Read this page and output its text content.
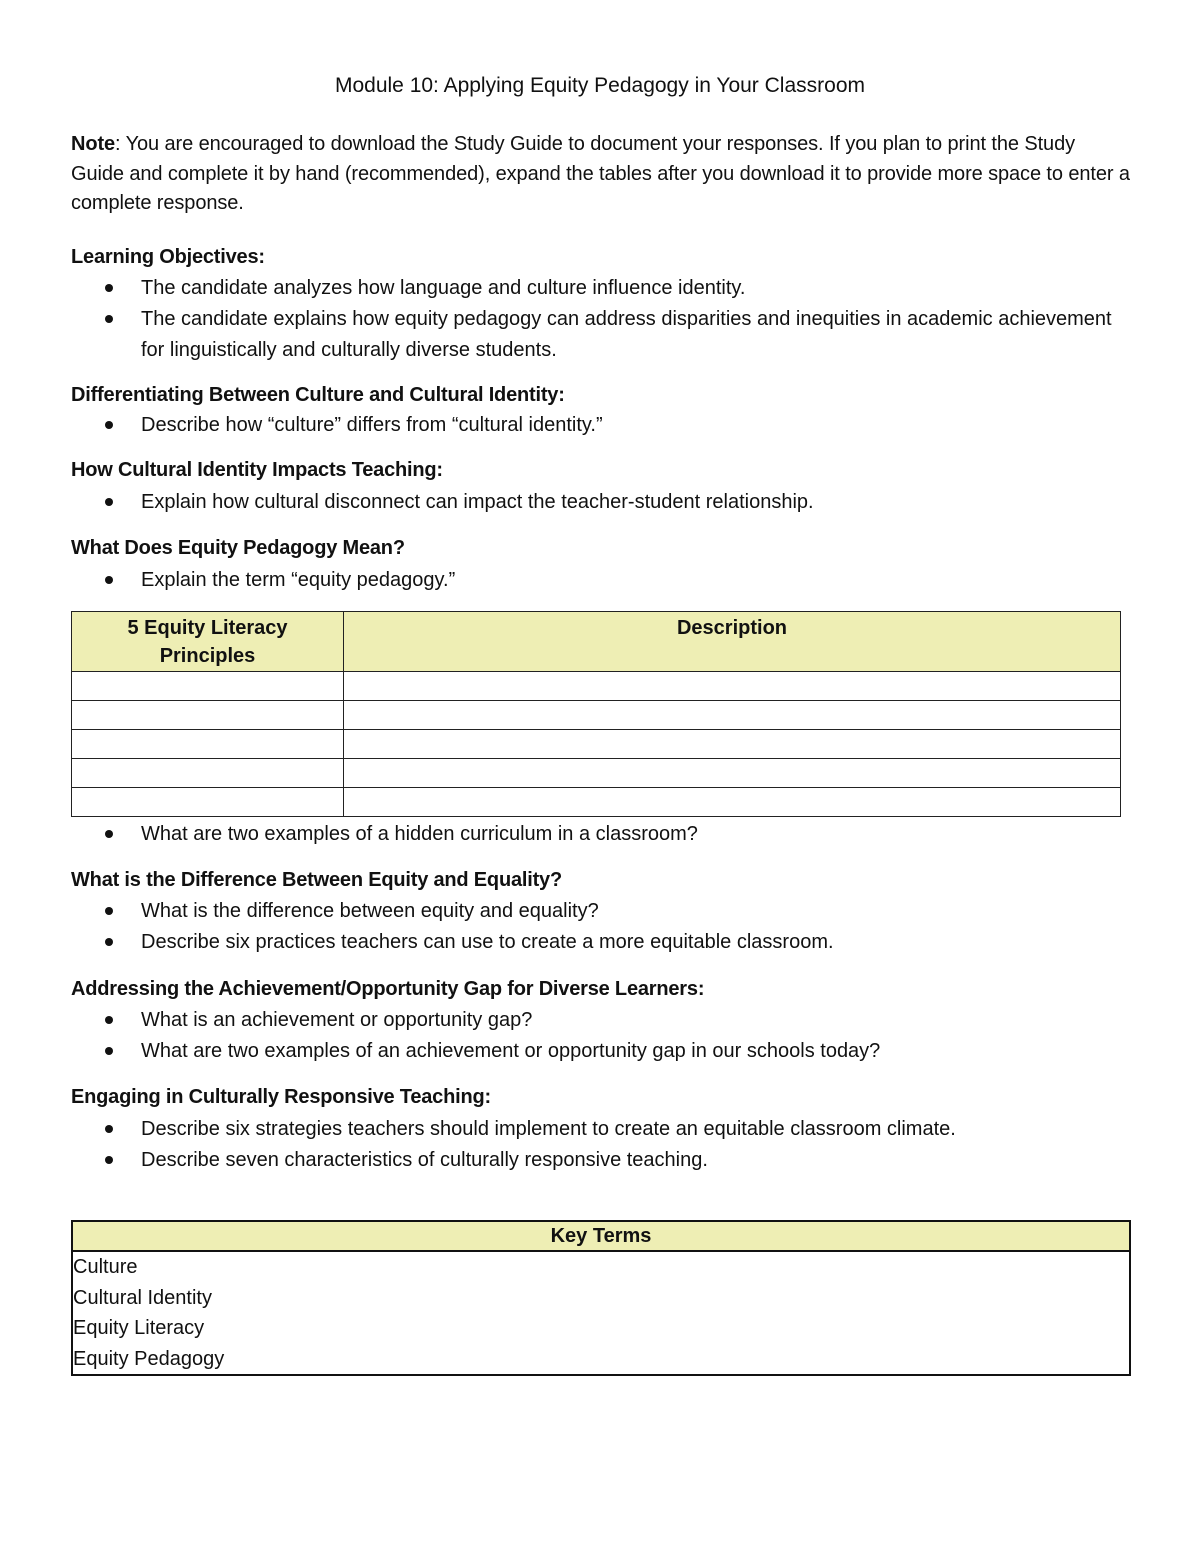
Module 10: Applying Equity Pedagogy in Your Classroom
Note: You are encouraged to download the Study Guide to document your responses. If you plan to print the Study Guide and complete it by hand (recommended), expand the tables after you download it to provide more space to enter a complete response.
Learning Objectives:
The candidate analyzes how language and culture influence identity.
The candidate explains how equity pedagogy can address disparities and inequities in academic achievement for linguistically and culturally diverse students.
Differentiating Between Culture and Cultural Identity:
Describe how “culture” differs from “cultural identity.”
How Cultural Identity Impacts Teaching:
Explain how cultural disconnect can impact the teacher-student relationship.
What Does Equity Pedagogy Mean?
Explain the term “equity pedagogy.”
5 Equity Literacy
Principles	Description

What are two examples of a hidden curriculum in a classroom?
What is the Difference Between Equity and Equality?
What is the difference between equity and equality?
Describe six practices teachers can use to create a more equitable classroom.
Addressing the Achievement/Opportunity Gap for Diverse Learners:
What is an achievement or opportunity gap?
What are two examples of an achievement or opportunity gap in our schools today?
Engaging in Culturally Responsive Teaching:
Describe six strategies teachers should implement to create an equitable classroom climate.
Describe seven characteristics of culturally responsive teaching.
Key Terms
Culture
Cultural Identity
Equity Literacy
Equity Pedagogy
